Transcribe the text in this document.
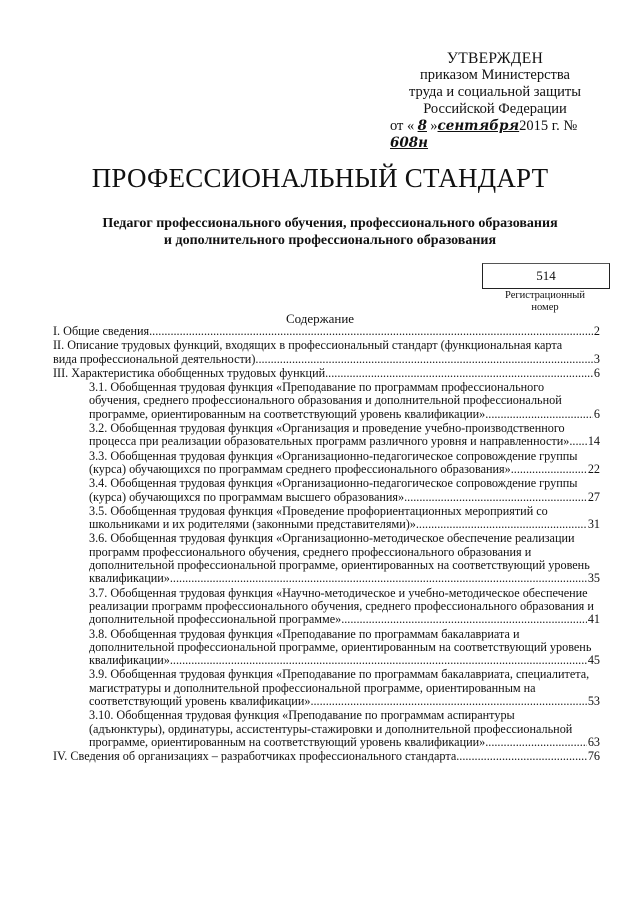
УТВЕРЖДЕН
приказом Министерства
труда и социальной защиты
Российской Федерации
от « 8 »сентября2015 г. №608н
ПРОФЕССИОНАЛЬНЫЙ СТАНДАРТ
Педагог профессионального обучения, профессионального образования
и дополнительного профессионального образования
514
Регистрационный
номер
Содержание
I. Общие сведения .....	2
II. Описание трудовых функций, входящих в профессиональный стандарт (функциональная карта
вида профессиональной деятельности) .....	3
III. Характеристика обобщенных трудовых функций .....	6
3.1. Обобщенная трудовая функция «Преподавание по программам профессионального
обучения, среднего профессионального образования и дополнительной профессиональной
программе, ориентированным на соответствующий уровень квалификации» .....	6
3.2. Обобщенная трудовая функция «Организация и проведение учебно-производственного
процесса при реализации образовательных программ различного уровня и направленности» ..... 14
3.3. Обобщенная трудовая функция «Организационно-педагогическое сопровождение группы
(курса) обучающихся по программам среднего профессионального образования» .....	22
3.4. Обобщенная трудовая функция «Организационно-педагогическое сопровождение группы
(курса) обучающихся по программам высшего образования» .....	27
3.5. Обобщенная трудовая функция «Проведение профориентационных мероприятий со
школьниками и их родителями (законными представителями)» .....	31
3.6. Обобщенная трудовая функция «Организационно-методическое обеспечение реализации
программ профессионального обучения, среднего профессионального образования и
дополнительной профессиональной программе, ориентированных на соответствующий уровень
квалификации» .....	35
3.7. Обобщенная трудовая функция «Научно-методическое и учебно-методическое обеспечение
реализации программ профессионального обучения, среднего профессионального образования и
дополнительной профессиональной программе» .....	41
3.8. Обобщенная трудовая функция «Преподавание по программам бакалавриата и
дополнительной профессиональной программе, ориентированным на соответствующий уровень
квалификации» .....	45
3.9. Обобщенная трудовая функция «Преподавание по программам бакалавриата, специалитета,
магистратуры и дополнительной профессиональной программе, ориентированным на
соответствующий уровень квалификации» .....	53
3.10. Обобщенная трудовая функция «Преподавание по программам аспирантуры
(адъюнктуры), ординатуры, ассистентуры-стажировки и дополнительной профессиональной
программе, ориентированным на соответствующий уровень квалификации» .....	63
IV. Сведения об организациях – разработчиках профессионального стандарта .....	76
